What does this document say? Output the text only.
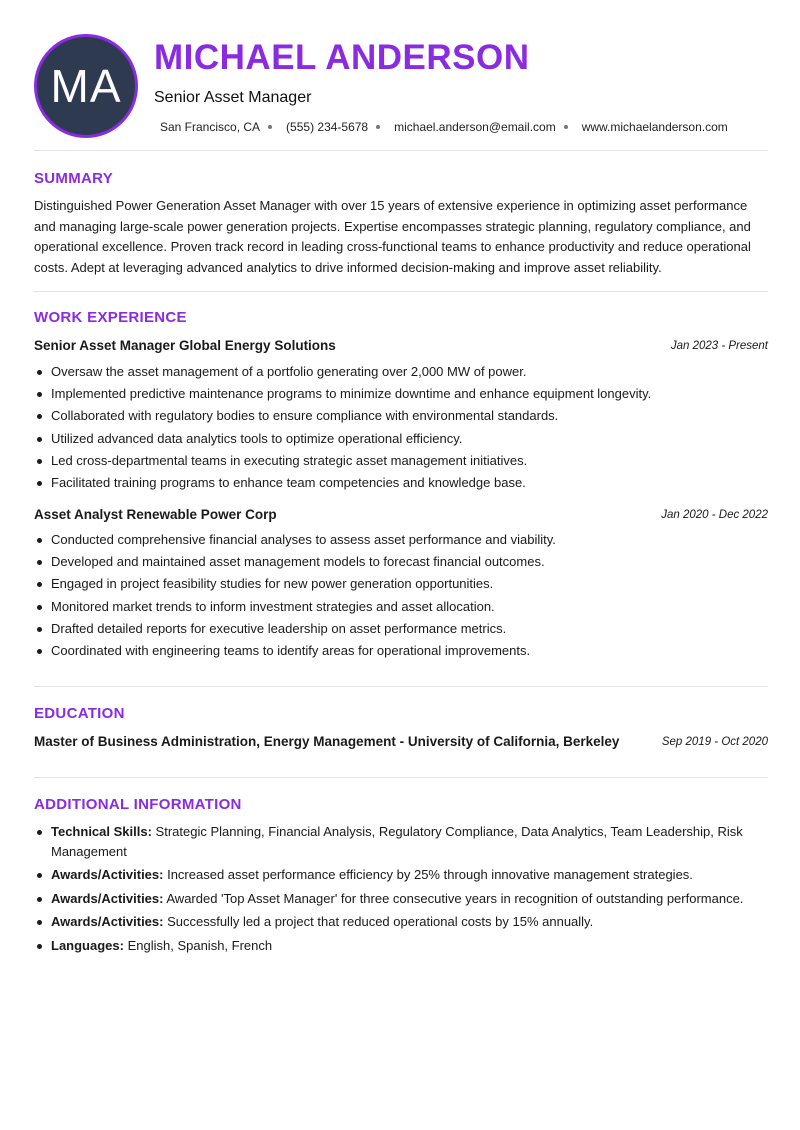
MA
MICHAEL ANDERSON
Senior Asset Manager
San Francisco, CA (555) 234-5678 michael.anderson@email.com www.michaelanderson.com
SUMMARY
Distinguished Power Generation Asset Manager with over 15 years of extensive experience in optimizing asset performance and managing large-scale power generation projects. Expertise encompasses strategic planning, regulatory compliance, and operational excellence. Proven track record in leading cross-functional teams to enhance productivity and reduce operational costs. Adept at leveraging advanced analytics to drive informed decision-making and improve asset reliability.
WORK EXPERIENCE
Senior Asset Manager Global Energy Solutions	Jan 2023 - Present
Oversaw the asset management of a portfolio generating over 2,000 MW of power.
Implemented predictive maintenance programs to minimize downtime and enhance equipment longevity.
Collaborated with regulatory bodies to ensure compliance with environmental standards.
Utilized advanced data analytics tools to optimize operational efficiency.
Led cross-departmental teams in executing strategic asset management initiatives.
Facilitated training programs to enhance team competencies and knowledge base.
Asset Analyst Renewable Power Corp	Jan 2020 - Dec 2022
Conducted comprehensive financial analyses to assess asset performance and viability.
Developed and maintained asset management models to forecast financial outcomes.
Engaged in project feasibility studies for new power generation opportunities.
Monitored market trends to inform investment strategies and asset allocation.
Drafted detailed reports for executive leadership on asset performance metrics.
Coordinated with engineering teams to identify areas for operational improvements.
EDUCATION
Master of Business Administration, Energy Management - University of California, Berkeley	Sep 2019 - Oct 2020
ADDITIONAL INFORMATION
Technical Skills: Strategic Planning, Financial Analysis, Regulatory Compliance, Data Analytics, Team Leadership, Risk Management
Awards/Activities: Increased asset performance efficiency by 25% through innovative management strategies.
Awards/Activities: Awarded 'Top Asset Manager' for three consecutive years in recognition of outstanding performance.
Awards/Activities: Successfully led a project that reduced operational costs by 15% annually.
Languages: English, Spanish, French
